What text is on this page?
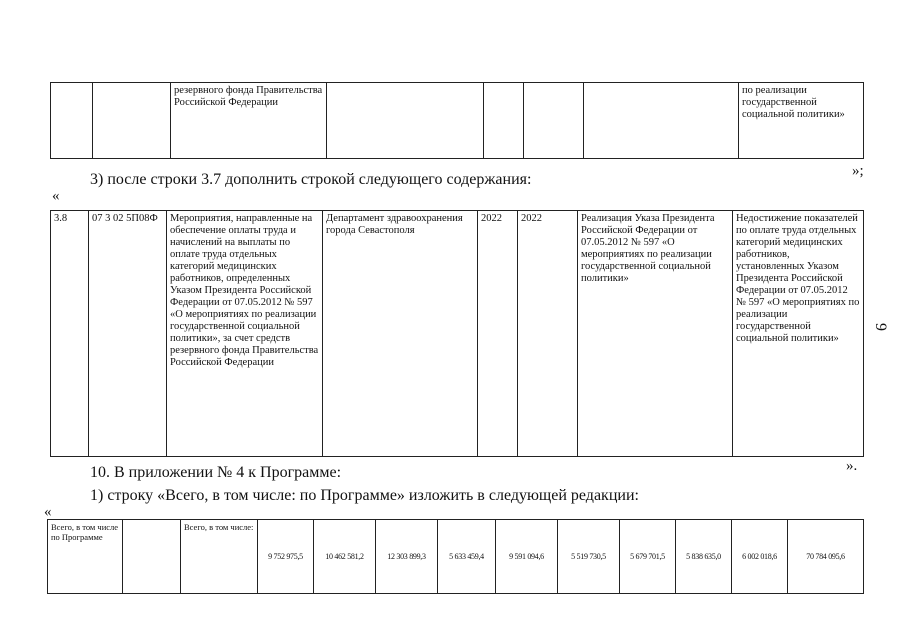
		резервного фонда Правительства Российской Федерации					по реализации государственной социальной политики»
3) после строки 3.7 дополнить строкой следующего содержания:	»;
«
3.8	07 3 02 5П08Ф	Мероприятия, направленные на обеспечение оплаты труда и начислений на выплаты по оплате труда отдельных категорий медицинских работников, определенных Указом Президента Российской Федерации от 07.05.2012 № 597 «О мероприятиях по реализации государственной социальной политики», за счет средств резервного фонда Правительства Российской Федерации	Департамент здравоохранения города Севастополя	2022	2022	Реализация Указа Президента Российской Федерации от 07.05.2012 № 597 «О мероприятиях по реализации государственной социальной политики»	Недостижение показателей по оплате труда отдельных категорий медицинских работников, установленных Указом Президента Российской Федерации от 07.05.2012 № 597 «О мероприятиях по реализации государственной социальной политики»
».
10. В приложении № 4 к Программе:
1) строку «Всего, в том числе: по Программе» изложить в следующей редакции:
«
Всего, в том числе по Программе		Всего, в том числе:	9 752 975,5	10 462 581,2	12 303 899,3	5 633 459,4	9 591 094,6	5 519 730,5	5 679 701,5	5 838 635,0	6 002 018,6	70 784 095,6
9
